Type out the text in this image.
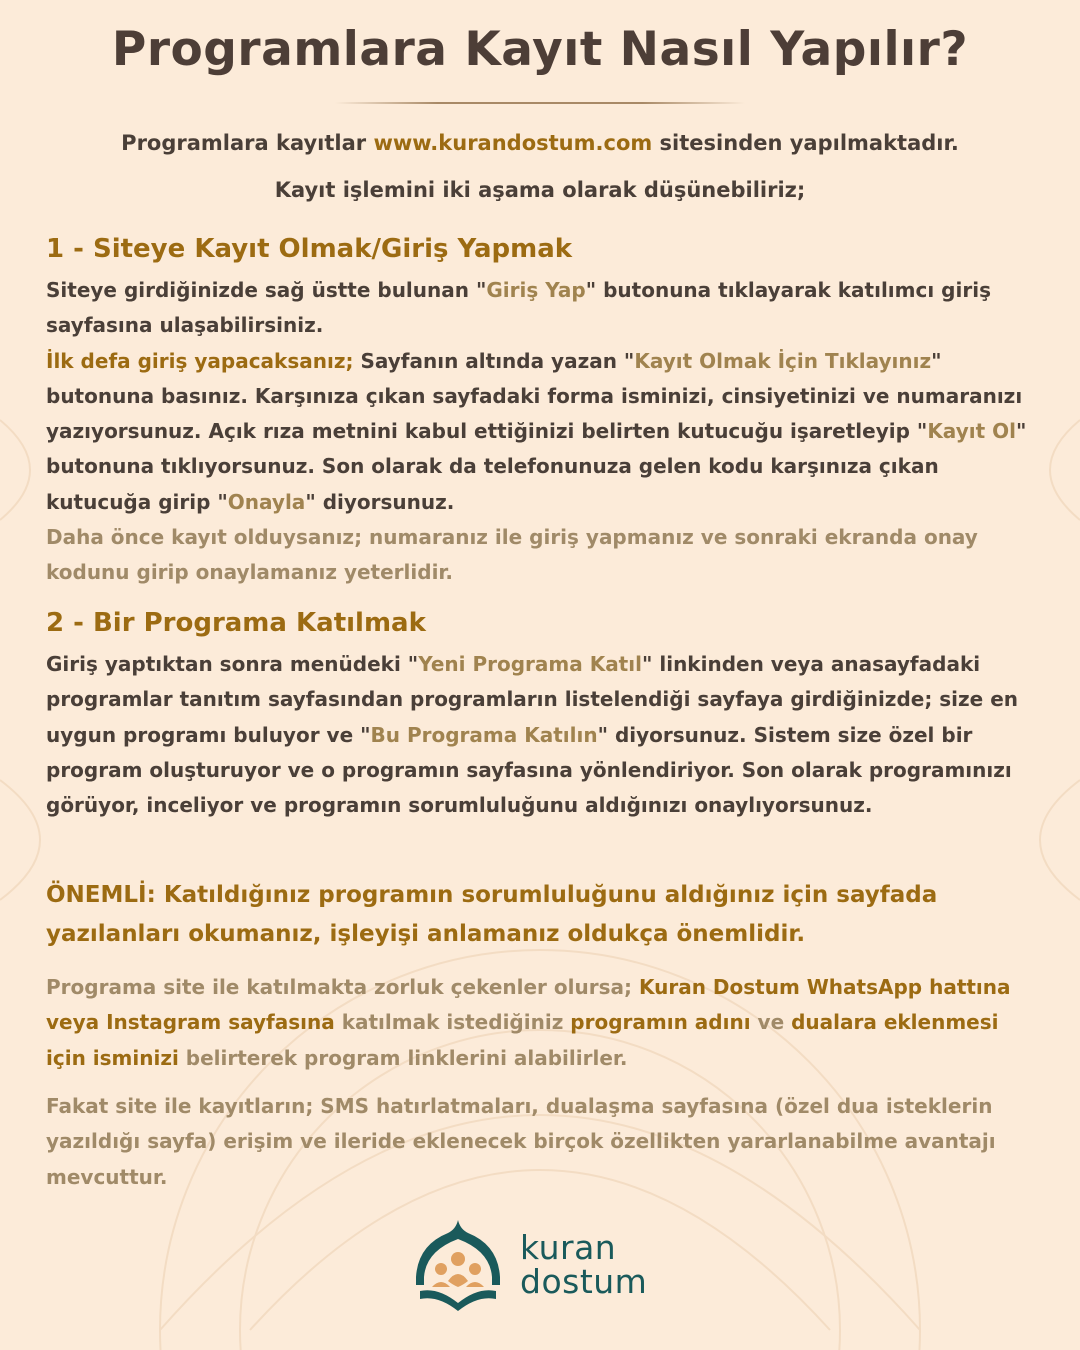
Programlara Kayıt Nasıl Yapılır?

Programlara kayıtlar www.kurandostum.com sitesinden yapılmaktadır.

Kayıt işlemini iki aşama olarak düşünebiliriz;

1 - Siteye Kayıt Olmak/Giriş Yapmak

Siteye girdiğinizde sağ üstte bulunan "Giriş Yap" butonuna tıklayarak katılımcı giriş sayfasına ulaşabilirsiniz.

İlk defa giriş yapacaksanız; Sayfanın altında yazan "Kayıt Olmak İçin Tıklayınız" butonuna basınız. Karşınıza çıkan sayfadaki forma isminizi, cinsiyetinizi ve numaranızı yazıyorsunuz. Açık rıza metnini kabul ettiğinizi belirten kutucuğu işaretleyip "Kayıt Ol" butonuna tıklıyorsunuz. Son olarak da telefonunuza gelen kodu karşınıza çıkan kutucuğa girip "Onayla" diyorsunuz.

Daha önce kayıt olduysanız; numaranız ile giriş yapmanız ve sonraki ekranda onay kodunu girip onaylamanız yeterlidir.

2 - Bir Programa Katılmak

Giriş yaptıktan sonra menüdeki "Yeni Programa Katıl" linkinden veya anasayfadaki programlar tanıtım sayfasından programların listelendiği sayfaya girdiğinizde; size en uygun programı buluyor ve "Bu Programa Katılın" diyorsunuz. Sistem size özel bir program oluşturuyor ve o programın sayfasına yönlendiriyor. Son olarak programınızı görüyor, inceliyor ve programın sorumluluğunu aldığınızı onaylıyorsunuz.

ÖNEMLİ: Katıldığınız programın sorumluluğunu aldığınız için sayfada yazılanları okumanız, işleyişi anlamanız oldukça önemlidir.

Programa site ile katılmakta zorluk çekenler olursa; Kuran Dostum WhatsApp hattına veya Instagram sayfasına katılmak istediğiniz programın adını ve dualara eklenmesi için isminizi belirterek program linklerini alabilirler.

Fakat site ile kayıtların; SMS hatırlatmaları, dualaşma sayfasına (özel dua isteklerin yazıldığı sayfa) erişim ve ileride eklenecek birçok özellikten yararlanabilme avantajı mevcuttur.

kuran
dostum
